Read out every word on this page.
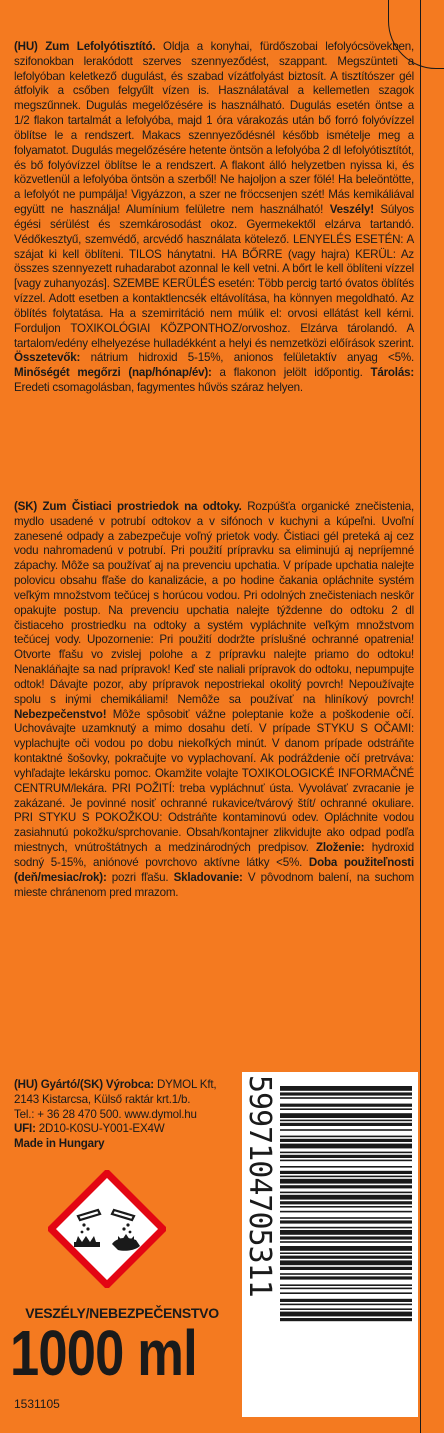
(HU) Zum Lefolyótisztító. Oldja a konyhai, fürdőszobai lefolyócsövekben, szifonokban lerakódott szerves szennyeződést, szappant. Megszünteti a lefolyóban keletkező dugulást, és szabad vízátfolyást biztosít. A tisztítószer gél átfolyik a csőben felgyűlt vízen is. Használatával a kellemetlen szagok megszűnnek. Dugulás megelőzésére is használható. Dugulás esetén öntse a 1/2 flakon tartalmát a lefolyóba, majd 1 óra várakozás után bő forró folyóvízzel öblítse le a rendszert. Makacs szennyeződésnél később ismételje meg a folyamatot. Dugulás megelőzésére hetente öntsön a lefolyóba 2 dl lefolyótisztítót, és bő folyóvízzel öblítse le a rendszert. A flakont álló helyzetben nyissa ki, és közvetlenül a lefolyóba öntsön a szerből! Ne hajoljon a szer fölé! Ha beleöntötte, a lefolyót ne pumpálja! Vigyázzon, a szer ne fröccsenjen szét! Más kemikáliával együtt ne használja! Alumínium felületre nem használható! Veszély! Súlyos égési sérülést és szemkárosodást okoz. Gyermekektől elzárva tartandó. Védőkesztyű, szemvédő, arcvédő használata kötelező. LENYELÉS ESETÉN: A szájat ki kell öblíteni. TILOS hánytatni. HA BŐRRE (vagy hajra) KERÜL: Az összes szennyezett ruhadarabot azonnal le kell vetni. A bőrt le kell öblíteni vízzel [vagy zuhanyozás]. SZEMBE KERÜLÉS esetén: Több percig tartó óvatos öblítés vízzel. Adott esetben a kontaktlencsék eltávolítása, ha könnyen megoldható. Az öblítés folytatása. Ha a szemirritáció nem múlik el: orvosi ellátást kell kérni. Forduljon TOXIKOLÓGIAI KÖZPONTHOZ/orvoshoz. Elzárva tárolandó. A tartalom/edény elhelyezése hulladékként a helyi és nemzetközi előírások szerint. Összetevők: nátrium hidroxid 5-15%, anionos felületaktív anyag <5%. Minőségét megőrzi (nap/hónap/év): a flakonon jelölt időpontig. Tárolás: Eredeti csomagolásban, fagymentes hűvös száraz helyen.
(SK) Zum Čistiaci prostriedok na odtoky. Rozpúšťa organické znečistenia, mydlo usadené v potrubí odtokov a v sifónoch v kuchyni a kúpeľni. Uvoľní zanesené odpady a zabezpečuje voľný prietok vody. Čistiaci gél preteká aj cez vodu nahromadenú v potrubí. Pri použití prípravku sa eliminujú aj nepríjemné zápachy. Môže sa používať aj na prevenciu upchatia. V prípade upchatia nalejte polovicu obsahu fľaše do kanalizácie, a po hodine čakania opláchnite systém veľkým množstvom tečúcej s horúcou vodou. Pri odolných znečisteniach neskôr opakujte postup. Na prevenciu upchatia nalejte týždenne do odtoku 2 dl čistiaceho prostriedku na odtoky a systém vypláchnite veľkým množstvom tečúcej vody. Upozornenie: Pri použití dodržte príslušné ochranné opatrenia! Otvorte fľašu vo zvislej polohe a z prípravku nalejte priamo do odtoku! Nenakláňajte sa nad prípravok! Keď ste naliali prípravok do odtoku, nepumpujte odtok! Dávajte pozor, aby prípravok nepostriekal okolitý povrch! Nepoužívajte spolu s inými chemikáliami! Nemôže sa používať na hliníkový povrch! Nebezpečenstvo! Môže spôsobiť vážne poleptanie kože a poškodenie očí. Uchovávajte uzamknutý a mimo dosahu detí. V prípade STYKU S OČAMI: vyplachujte oči vodou po dobu niekoľkých minút. V danom prípade odstráňte kontaktné šošovky, pokračujte vo vyplachovaní. Ak podráždenie očí pretrváva: vyhľadajte lekársku pomoc. Okamžite volajte TOXIKOLOGICKÉ INFORMAČNÉ CENTRUM/lekára. PRI POŽITÍ: treba vypláchnuť ústa. Vyvolávať zvracanie je zakázané. Je povinné nosiť ochranné rukavice/tvárový štít/ ochranné okuliare. PRI STYKU S POKOŽKOU: Odstráňte kontaminovú odev. Opláchnite vodou zasiahnutú pokožku/sprchovanie. Obsah/kontajner zlikvidujte ako odpad podľa miestnych, vnútroštátnych a medzinárodných predpisov. Zloženie: hydroxid sodný 5-15%, aniónové povrchovo aktívne látky <5%. Doba použiteľnosti (deň/mesiac/rok): pozri fľašu. Skladovanie: V pôvodnom balení, na suchom mieste chránenom pred mrazom.
(HU) Gyártó/(SK) Výrobca: DYMOL Kft,
2143 Kistarcsa, Külső raktár krt.1/b.
Tel.: + 36 28 470 500. www.dymol.hu
UFI: 2D10-K0SU-Y001-EX4W
Made in Hungary	5997104705311
VESZÉLY/NEBEZPEČENSTVO
1000 ml
1531105
